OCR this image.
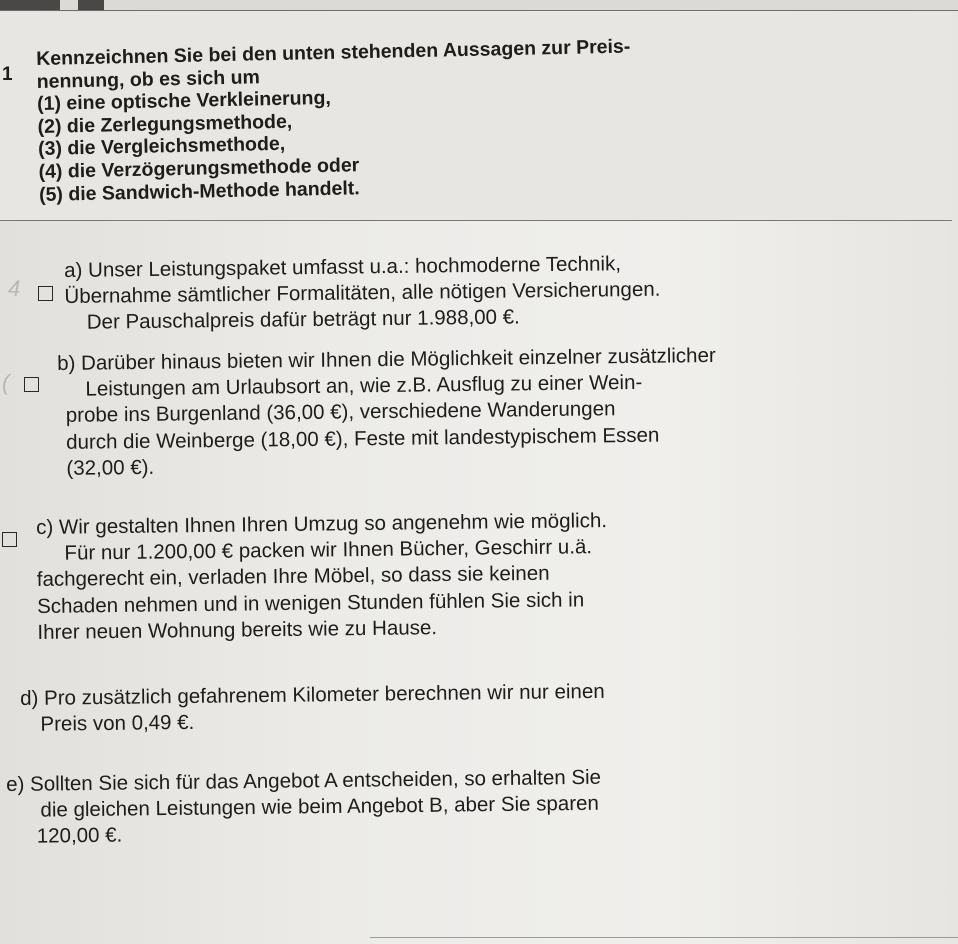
1
Kennzeichnen Sie bei den unten stehenden Aussagen zur Preis-
nennung, ob es sich um
(1) eine optische Verkleinerung,
(2) die Zerlegungsmethode,
(3) die Vergleichsmethode,
(4) die Verzögerungsmethode oder
(5) die Sandwich-Methode handelt.
4
a) Unser Leistungspaket umfasst u.a.: hochmoderne Technik,
Übernahme sämtlicher Formalitäten, alle nötigen Versicherungen.
Der Pauschalpreis dafür beträgt nur 1.988,00 €.
(
b) Darüber hinaus bieten wir Ihnen die Möglichkeit einzelner zusätzlicher
Leistungen am Urlaubsort an, wie z.B. Ausflug zu einer Wein-
probe ins Burgenland (36,00 €), verschiedene Wanderungen
durch die Weinberge (18,00 €), Feste mit landestypischem Essen
(32,00 €).
c) Wir gestalten Ihnen Ihren Umzug so angenehm wie möglich.
Für nur 1.200,00 € packen wir Ihnen Bücher, Geschirr u.ä.
fachgerecht ein, verladen Ihre Möbel, so dass sie keinen
Schaden nehmen und in wenigen Stunden fühlen Sie sich in
Ihrer neuen Wohnung bereits wie zu Hause.
d) Pro zusätzlich gefahrenem Kilometer berechnen wir nur einen
Preis von 0,49 €.
e) Sollten Sie sich für das Angebot A entscheiden, so erhalten Sie
die gleichen Leistungen wie beim Angebot B, aber Sie sparen
120,00 €.
